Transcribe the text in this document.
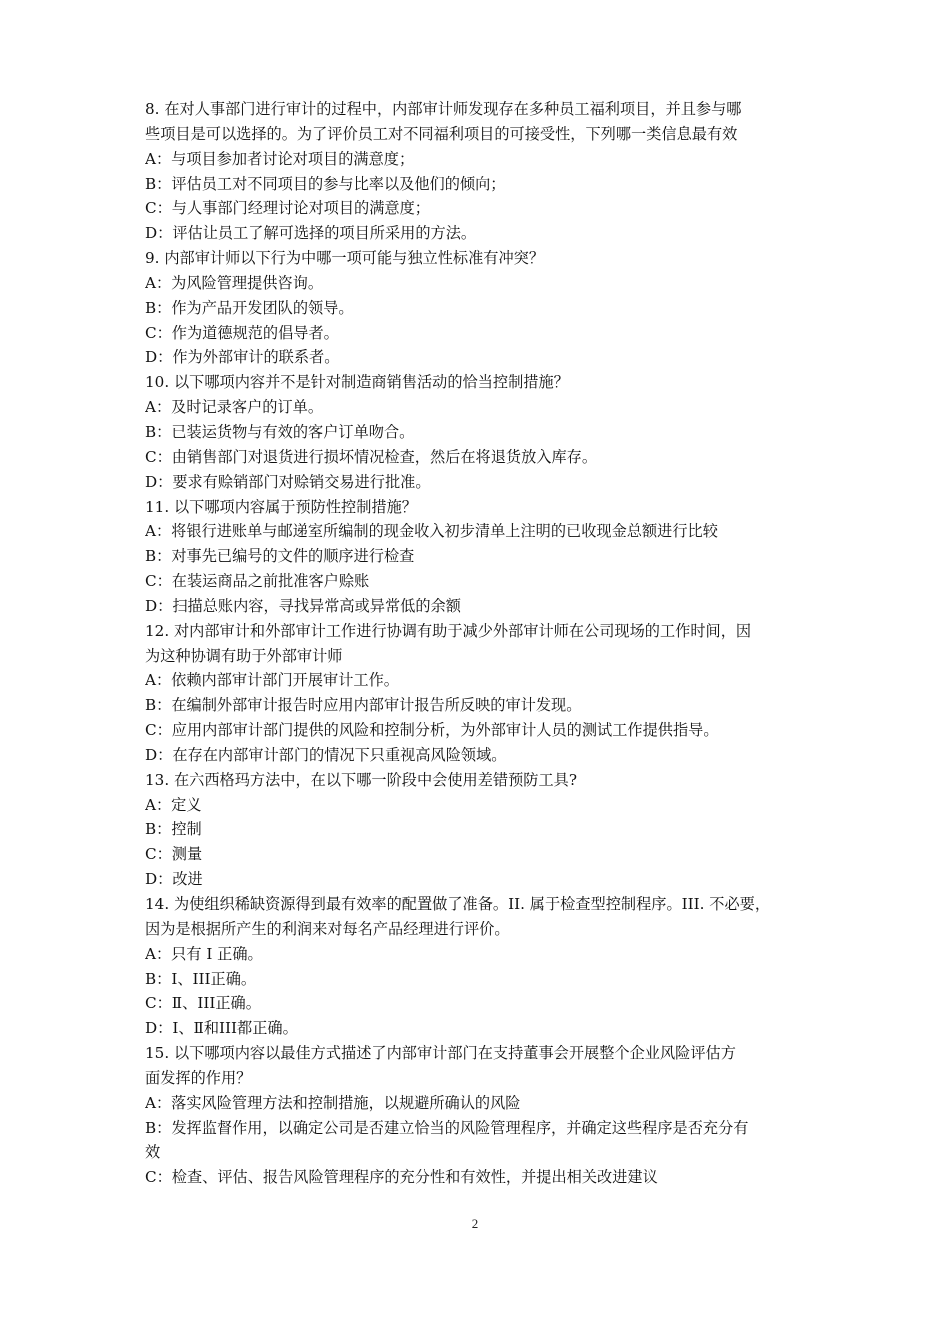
8. 在对人事部门进行审计的过程中，内部审计师发现存在多种员工福利项目，并且参与哪
些项目是可以选择的。为了评价员工对不同福利项目的可接受性，下列哪一类信息最有效
A：与项目参加者讨论对项目的满意度；
B：评估员工对不同项目的参与比率以及他们的倾向；
C：与人事部门经理讨论对项目的满意度；
D：评估让员工了解可选择的项目所采用的方法。
9. 内部审计师以下行为中哪一项可能与独立性标准有冲突？
A：为风险管理提供咨询。
B：作为产品开发团队的领导。
C：作为道德规范的倡导者。
D：作为外部审计的联系者。
10. 以下哪项内容并不是针对制造商销售活动的恰当控制措施？
A：及时记录客户的订单。
B：已装运货物与有效的客户订单吻合。
C：由销售部门对退货进行损坏情况检查，然后在将退货放入库存。
D：要求有赊销部门对赊销交易进行批准。
11. 以下哪项内容属于预防性控制措施？
A：将银行进账单与邮递室所编制的现金收入初步清单上注明的已收现金总额进行比较
B：对事先已编号的文件的顺序进行检查
C：在装运商品之前批准客户赊账
D：扫描总账内容，寻找异常高或异常低的余额
12. 对内部审计和外部审计工作进行协调有助于减少外部审计师在公司现场的工作时间，因
为这种协调有助于外部审计师
A：依赖内部审计部门开展审计工作。
B：在编制外部审计报告时应用内部审计报告所反映的审计发现。
C：应用内部审计部门提供的风险和控制分析，为外部审计人员的测试工作提供指导。
D：在存在内部审计部门的情况下只重视高风险领域。
13. 在六西格玛方法中，在以下哪一阶段中会使用差错预防工具?
A：定义
B：控制
C：测量
D：改进
14. 为使组织稀缺资源得到最有效率的配置做了准备。II. 属于检查型控制程序。III. 不必要，
因为是根据所产生的利润来对每名产品经理进行评价。
A：只有 I 正确。
B：I、III正确。
C：Ⅱ、III正确。
D：I、Ⅱ和III都正确。
15. 以下哪项内容以最佳方式描述了内部审计部门在支持董事会开展整个企业风险评估方
面发挥的作用？
A：落实风险管理方法和控制措施，以规避所确认的风险
B：发挥监督作用，以确定公司是否建立恰当的风险管理程序，并确定这些程序是否充分有
效
C：检查、评估、报告风险管理程序的充分性和有效性，并提出相关改进建议
2
